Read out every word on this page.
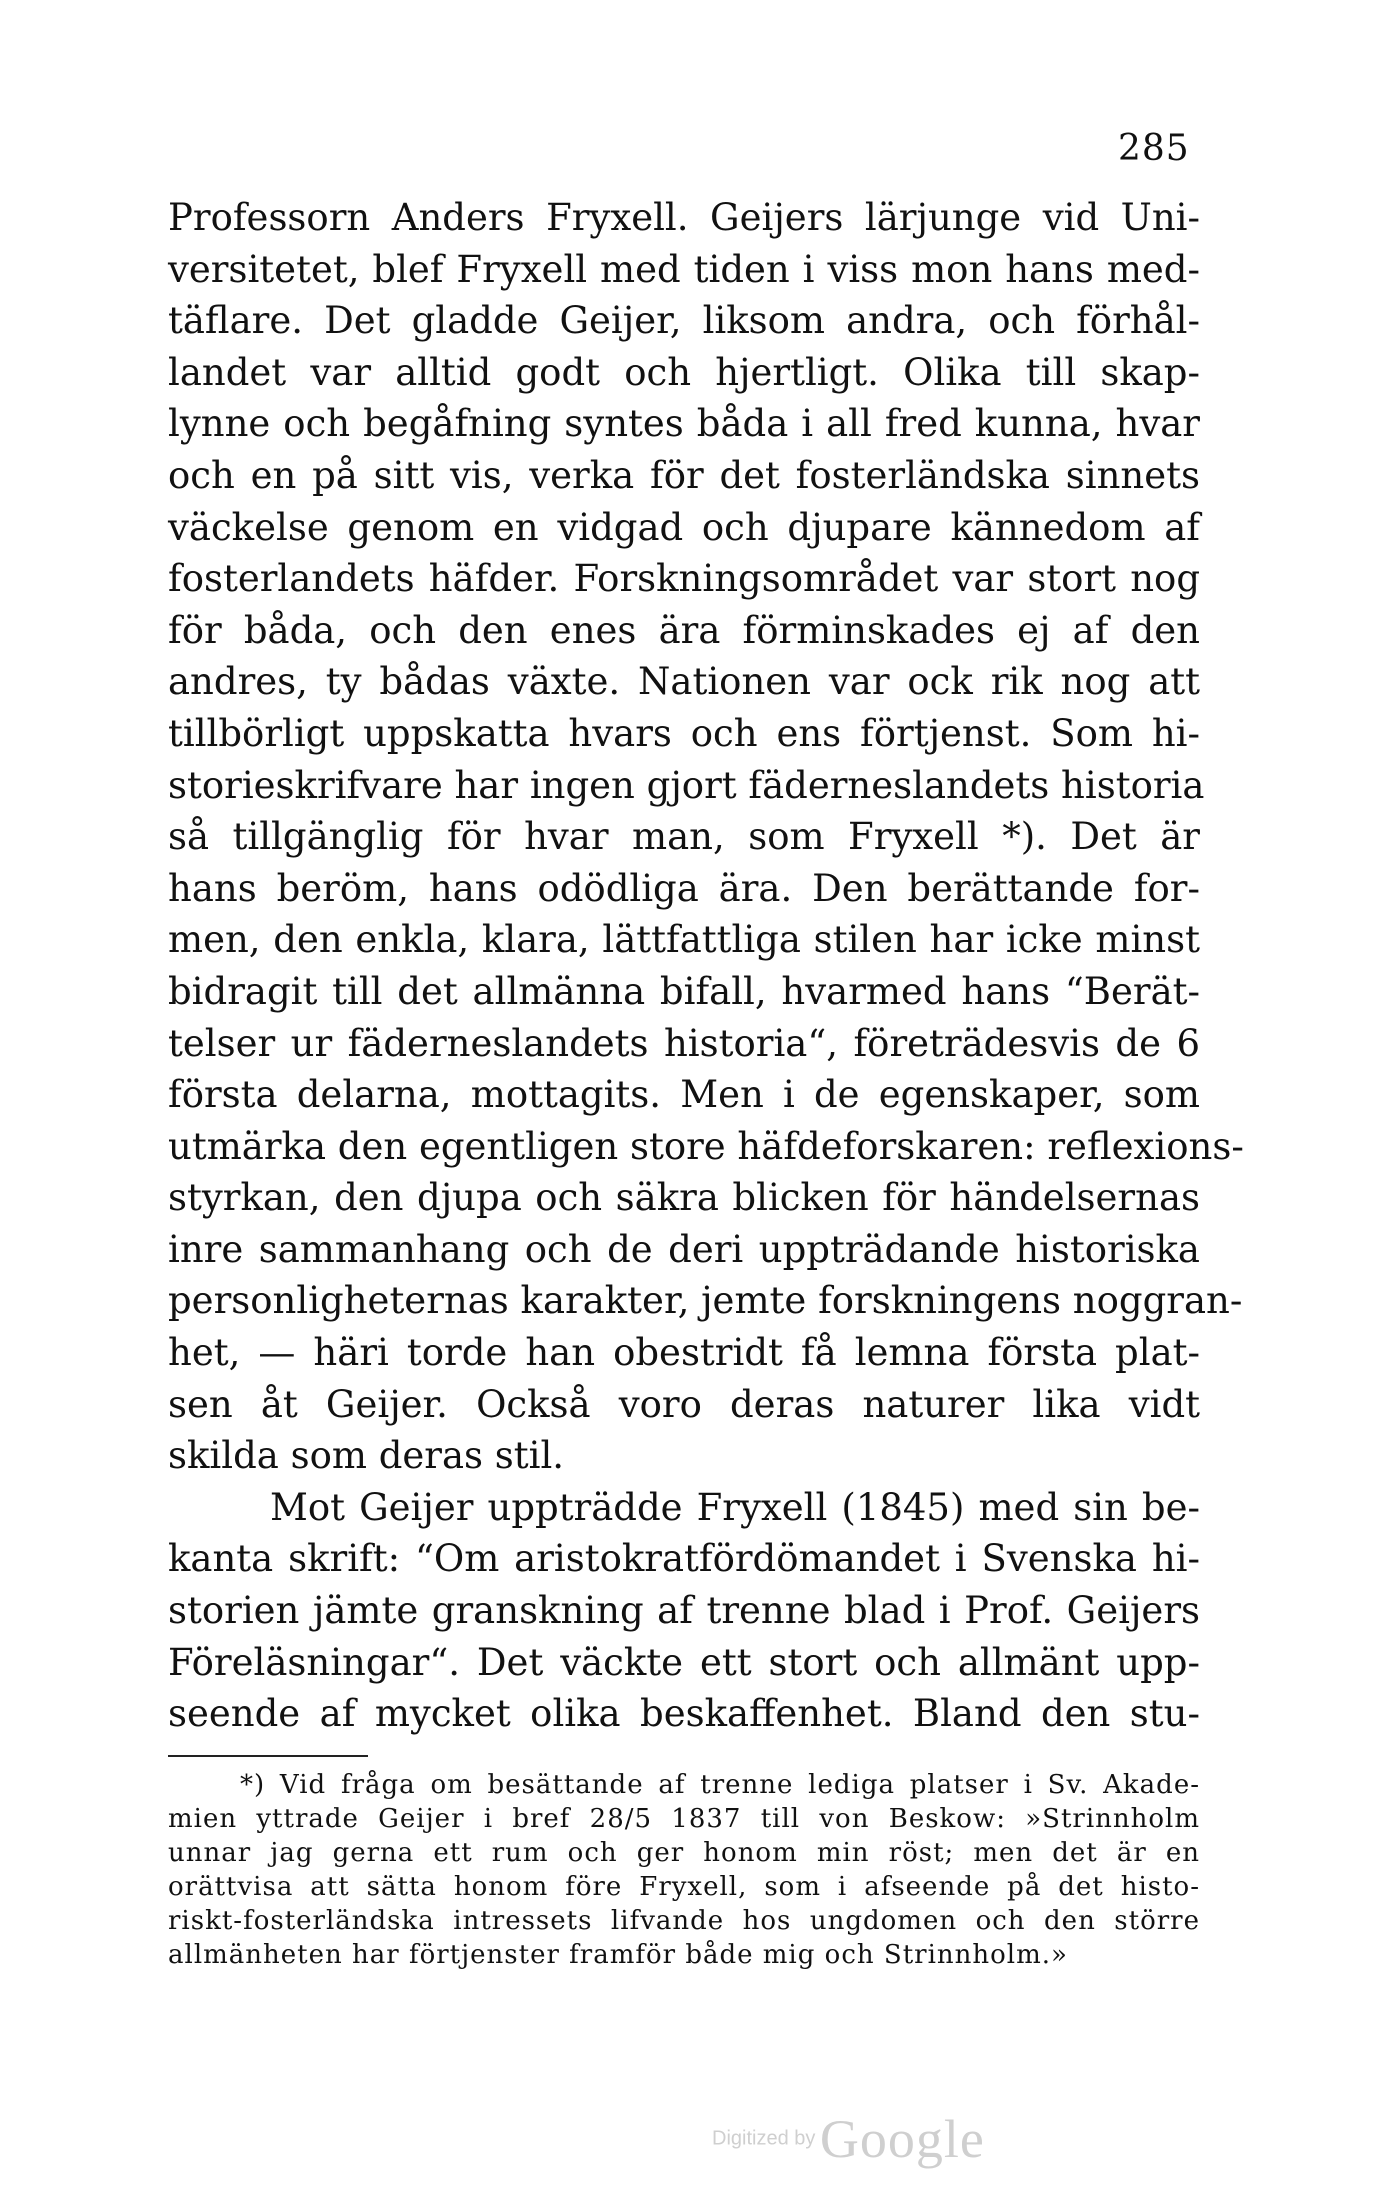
285
Professorn Anders Fryxell. Geijers lärjunge vid Uni-
versitetet, blef Fryxell med tiden i viss mon hans med-
täflare. Det gladde Geijer, liksom andra, och förhål-
landet var alltid godt och hjertligt. Olika till skap-
lynne och begåfning syntes båda i all fred kunna, hvar
och en på sitt vis, verka för det fosterländska sinnets
väckelse genom en vidgad och djupare kännedom af
fosterlandets häfder. Forskningsområdet var stort nog
för båda, och den enes ära förminskades ej af den
andres, ty bådas växte. Nationen var ock rik nog att
tillbörligt uppskatta hvars och ens förtjenst. Som hi-
storieskrifvare har ingen gjort fäderneslandets historia
så tillgänglig för hvar man, som Fryxell *). Det är
hans beröm, hans odödliga ära. Den berättande for-
men, den enkla, klara, lättfattliga stilen har icke minst
bidragit till det allmänna bifall, hvarmed hans “Berät-
telser ur fäderneslandets historia“, företrädesvis de 6
första delarna, mottagits. Men i de egenskaper, som
utmärka den egentligen store häfdeforskaren: reflexions-
styrkan, den djupa och säkra blicken för händelsernas
inre sammanhang och de deri uppträdande historiska
personligheternas karakter, jemte forskningens noggran-
het, — häri torde han obestridt få lemna första plat-
sen åt Geijer. Också voro deras naturer lika vidt
skilda som deras stil.
Mot Geijer uppträdde Fryxell (1845) med sin be-
kanta skrift: “Om aristokratfördömandet i Svenska hi-
storien jämte granskning af trenne blad i Prof. Geijers
Föreläsningar“. Det väckte ett stort och allmänt upp-
seende af mycket olika beskaffenhet. Bland den stu-
*) Vid fråga om besättande af trenne lediga platser i Sv. Akade-
mien yttrade Geijer i bref 28/5 1837 till von Beskow: »Strinnholm
unnar jag gerna ett rum och ger honom min röst; men det är en
orättvisa att sätta honom före Fryxell, som i afseende på det histo-
riskt-fosterländska intressets lifvande hos ungdomen och den större
allmänheten har förtjenster framför både mig och Strinnholm.»
Digitized by Google
